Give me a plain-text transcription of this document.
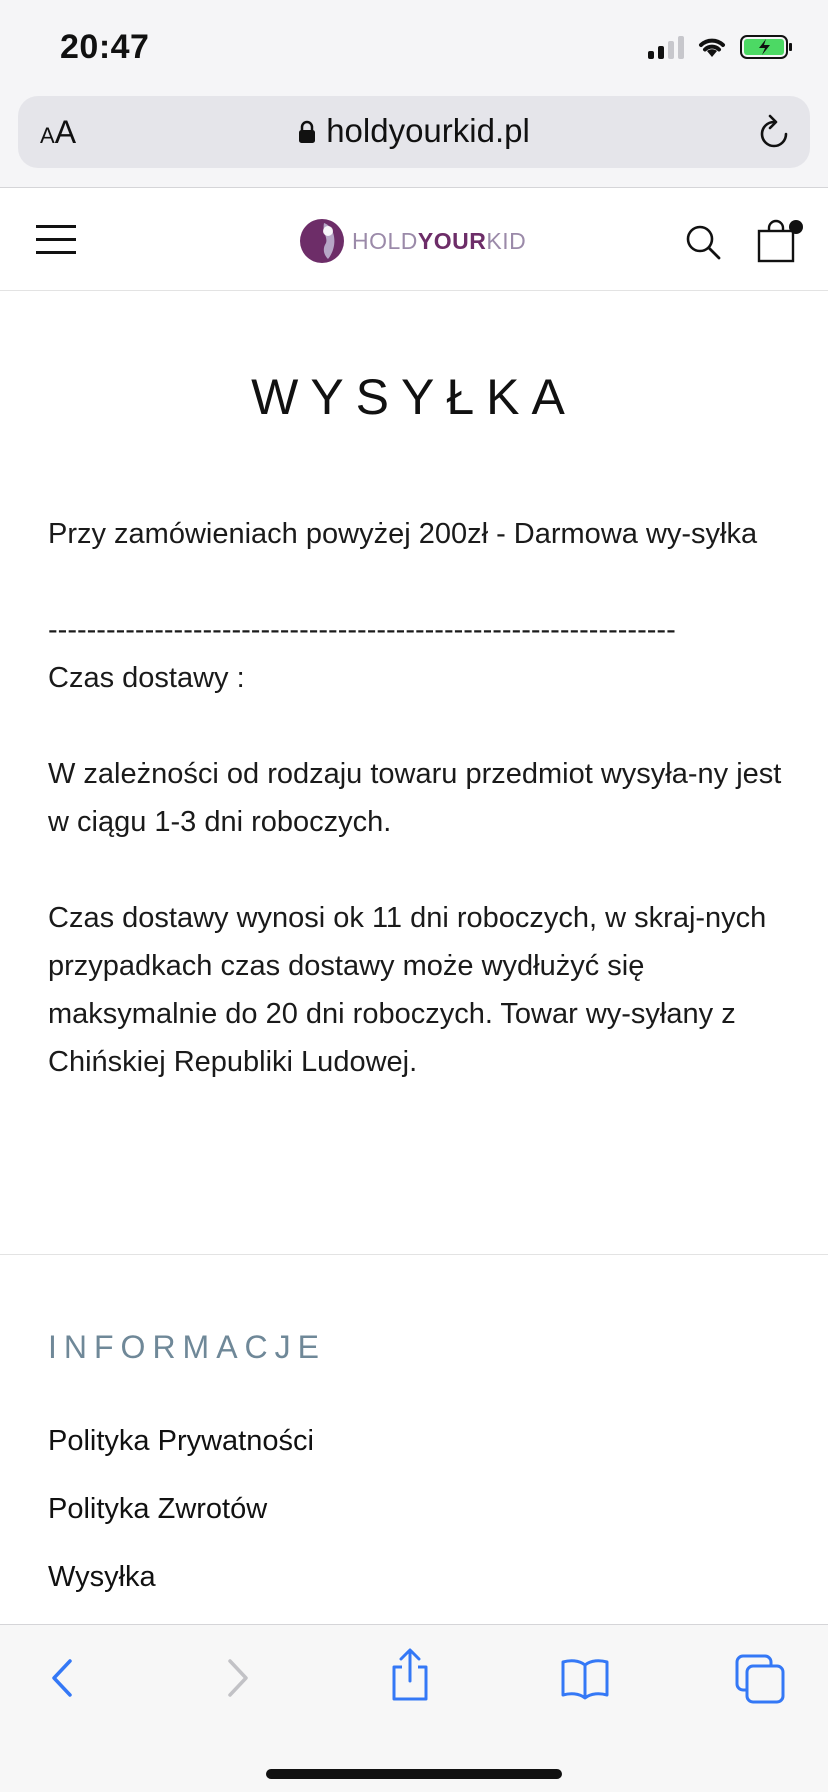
20:47
AA	holdyourkid.pl
HOLDYOURKID
WYSYŁKA

Przy zamówieniach powyżej 200zł - Darmowa wy-syłka

-----------------------------------------------------------------

Czas dostawy :

W zależności od rodzaju towaru przedmiot wysyła-ny jest w ciągu 1-3 dni roboczych.

Czas dostawy wynosi ok 11 dni roboczych, w skraj-nych przypadkach czas dostawy może wydłużyć się maksymalnie do 20 dni roboczych. Towar wy-syłany z Chińskiej Republiki Ludowej.

INFORMACJE
Polityka Prywatności
Polityka Zwrotów
Wysyłka
